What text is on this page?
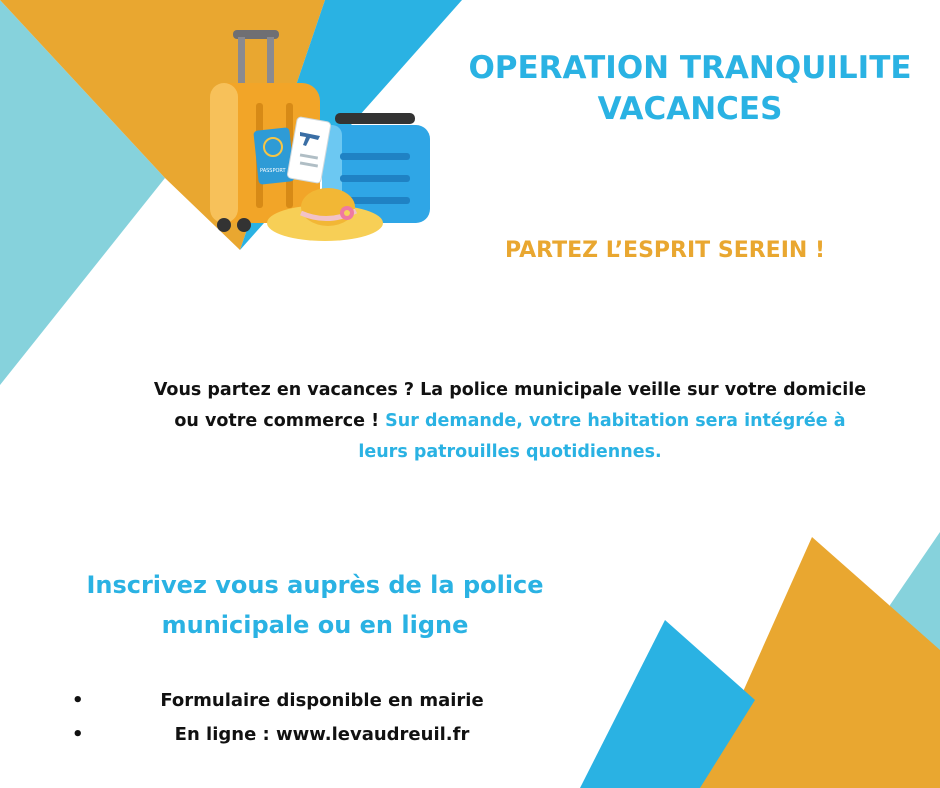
PASSPORT
OPERATION TRANQUILITE
VACANCES
PARTEZ L’ESPRIT SEREIN !

Vous partez en vacances ? La police municipale veille sur votre domicile ou votre commerce ! Sur demande, votre habitation sera intégrée à leurs patrouilles quotidiennes.

Inscrivez vous auprès de la police
municipale ou en ligne
•	Formulaire disponible en mairie
•	En ligne : www.levaudreuil.fr
